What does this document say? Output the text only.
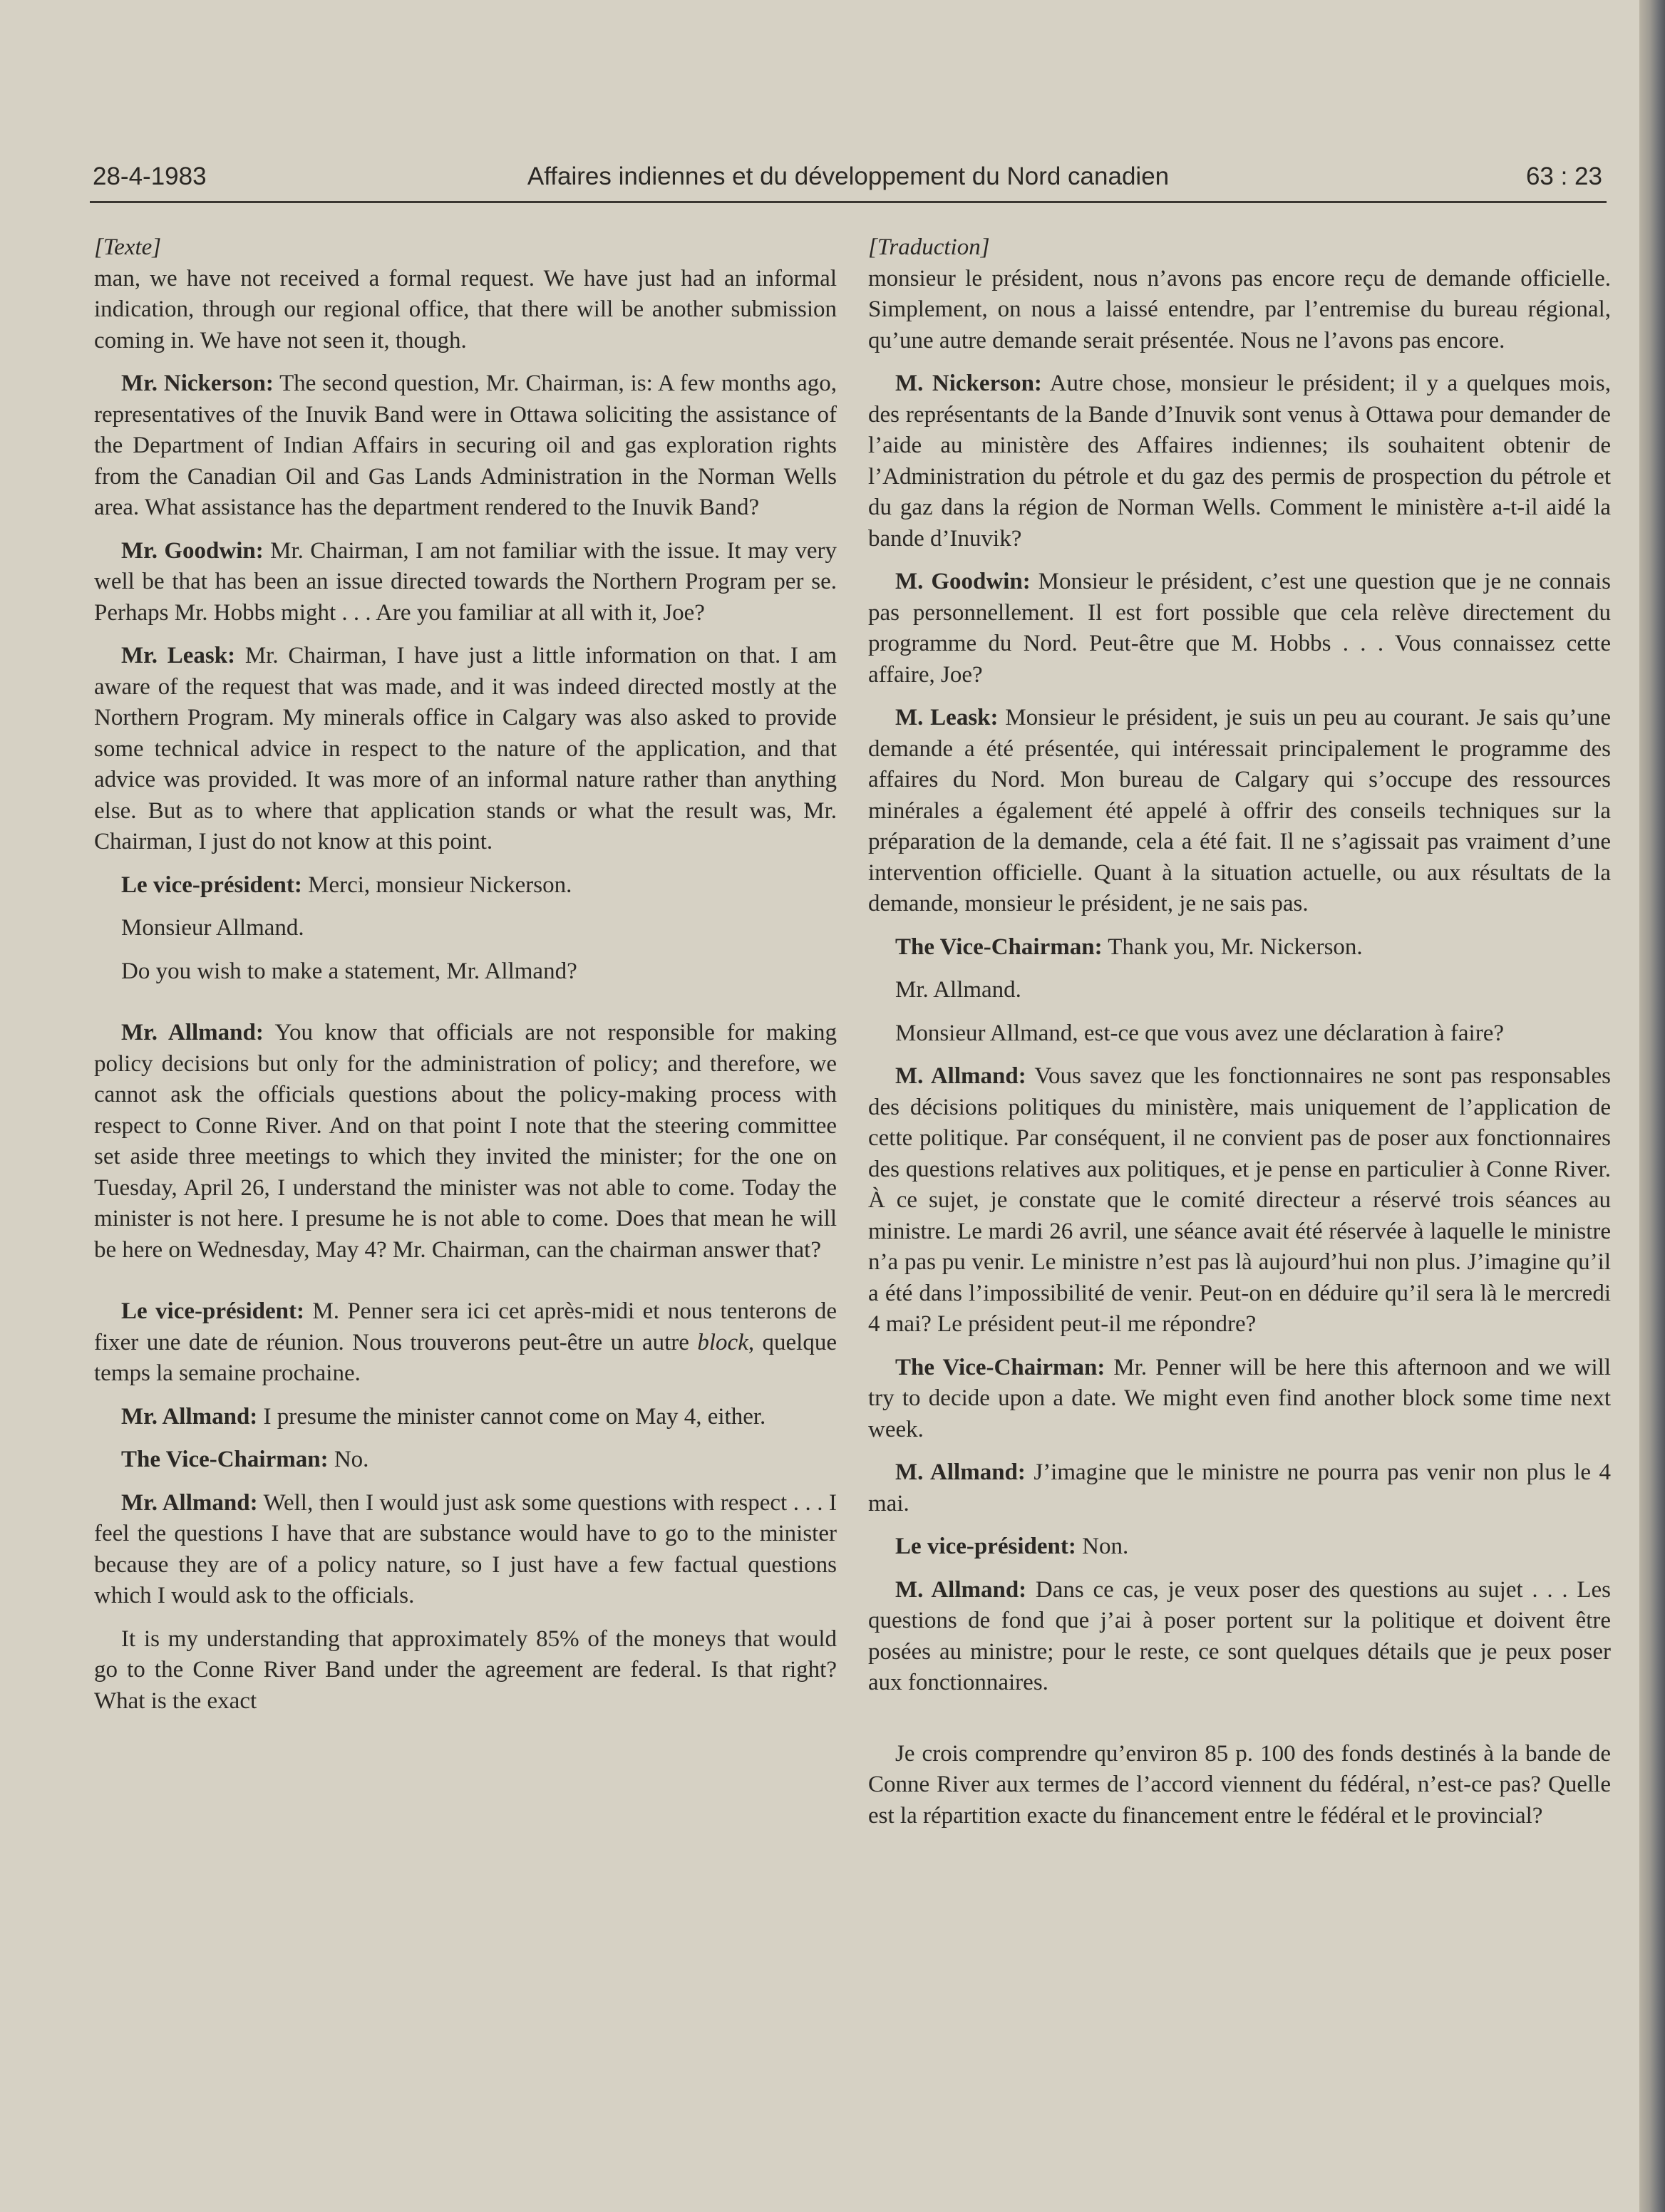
28-4-1983	Affaires indiennes et du développement du Nord canadien	63 : 23

[Texte]

man, we have not received a formal request. We have just had an informal indication, through our regional office, that there will be another submission coming in. We have not seen it, though.

Mr. Nickerson: The second question, Mr. Chairman, is: A few months ago, representatives of the Inuvik Band were in Ottawa soliciting the assistance of the Department of Indian Affairs in securing oil and gas exploration rights from the Canadian Oil and Gas Lands Administration in the Norman Wells area. What assistance has the department rendered to the Inuvik Band?

Mr. Goodwin: Mr. Chairman, I am not familiar with the issue. It may very well be that has been an issue directed towards the Northern Program per se. Perhaps Mr. Hobbs might . . . Are you familiar at all with it, Joe?

Mr. Leask: Mr. Chairman, I have just a little information on that. I am aware of the request that was made, and it was indeed directed mostly at the Northern Program. My minerals office in Calgary was also asked to provide some technical advice in respect to the nature of the application, and that advice was provided. It was more of an informal nature rather than anything else. But as to where that application stands or what the result was, Mr. Chairman, I just do not know at this point.

Le vice-président: Merci, monsieur Nickerson.

Monsieur Allmand.

Do you wish to make a statement, Mr. Allmand?

Mr. Allmand: You know that officials are not responsible for making policy decisions but only for the administration of policy; and therefore, we cannot ask the officials questions about the policy-making process with respect to Conne River. And on that point I note that the steering committee set aside three meetings to which they invited the minister; for the one on Tuesday, April 26, I understand the minister was not able to come. Today the minister is not here. I presume he is not able to come. Does that mean he will be here on Wednesday, May 4? Mr. Chairman, can the chairman answer that?

Le vice-président: M. Penner sera ici cet après-midi et nous tenterons de fixer une date de réunion. Nous trouverons peut-être un autre block, quelque temps la semaine prochaine.

Mr. Allmand: I presume the minister cannot come on May 4, either.

The Vice-Chairman: No.

Mr. Allmand: Well, then I would just ask some questions with respect . . . I feel the questions I have that are substance would have to go to the minister because they are of a policy nature, so I just have a few factual questions which I would ask to the officials.

It is my understanding that approximately 85% of the moneys that would go to the Conne River Band under the agreement are federal. Is that right? What is the exact

[Traduction]

monsieur le président, nous n’avons pas encore reçu de demande officielle. Simplement, on nous a laissé entendre, par l’entremise du bureau régional, qu’une autre demande serait présentée. Nous ne l’avons pas encore.

M. Nickerson: Autre chose, monsieur le président; il y a quelques mois, des représentants de la Bande d’Inuvik sont venus à Ottawa pour demander de l’aide au ministère des Affaires indiennes; ils souhaitent obtenir de l’Administration du pétrole et du gaz des permis de prospection du pétrole et du gaz dans la région de Norman Wells. Comment le ministère a-t-il aidé la bande d’Inuvik?

M. Goodwin: Monsieur le président, c’est une question que je ne connais pas personnellement. Il est fort possible que cela relève directement du programme du Nord. Peut-être que M. Hobbs . . . Vous connaissez cette affaire, Joe?

M. Leask: Monsieur le président, je suis un peu au courant. Je sais qu’une demande a été présentée, qui intéressait principalement le programme des affaires du Nord. Mon bureau de Calgary qui s’occupe des ressources minérales a également été appelé à offrir des conseils techniques sur la préparation de la demande, cela a été fait. Il ne s’agissait pas vraiment d’une intervention officielle. Quant à la situation actuelle, ou aux résultats de la demande, monsieur le président, je ne sais pas.

The Vice-Chairman: Thank you, Mr. Nickerson.

Mr. Allmand.

Monsieur Allmand, est-ce que vous avez une déclaration à faire?

M. Allmand: Vous savez que les fonctionnaires ne sont pas responsables des décisions politiques du ministère, mais uniquement de l’application de cette politique. Par conséquent, il ne convient pas de poser aux fonctionnaires des questions relatives aux politiques, et je pense en particulier à Conne River. À ce sujet, je constate que le comité directeur a réservé trois séances au ministre. Le mardi 26 avril, une séance avait été réservée à laquelle le ministre n’a pas pu venir. Le ministre n’est pas là aujourd’hui non plus. J’imagine qu’il a été dans l’impossibilité de venir. Peut-on en déduire qu’il sera là le mercredi 4 mai? Le président peut-il me répondre?

The Vice-Chairman: Mr. Penner will be here this afternoon and we will try to decide upon a date. We might even find another block some time next week.

M. Allmand: J’imagine que le ministre ne pourra pas venir non plus le 4 mai.

Le vice-président: Non.

M. Allmand: Dans ce cas, je veux poser des questions au sujet . . . Les questions de fond que j’ai à poser portent sur la politique et doivent être posées au ministre; pour le reste, ce sont quelques détails que je peux poser aux fonctionnaires.

Je crois comprendre qu’environ 85 p. 100 des fonds destinés à la bande de Conne River aux termes de l’accord viennent du fédéral, n’est-ce pas? Quelle est la répartition exacte du financement entre le fédéral et le provincial?
